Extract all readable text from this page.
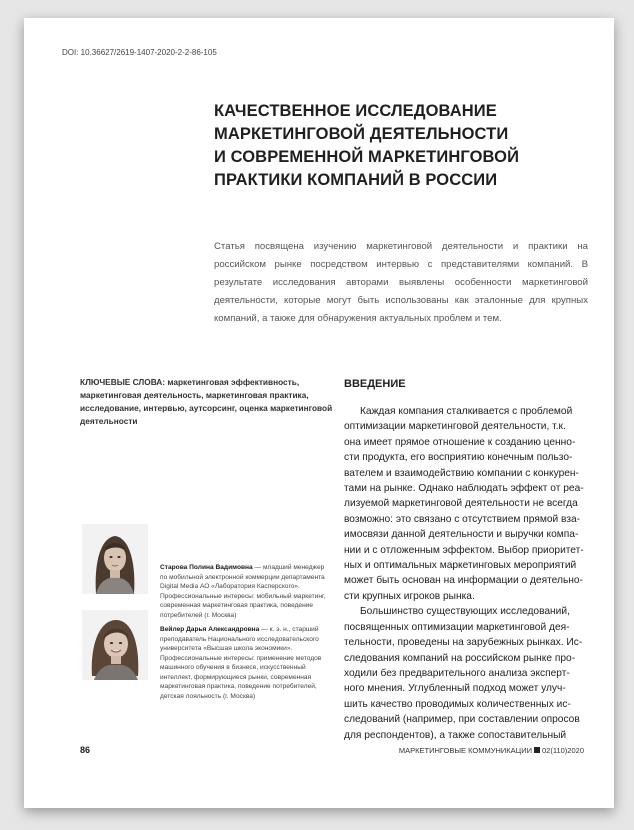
DOI: 10.36627/2619-1407-2020-2-2-86-105
КАЧЕСТВЕННОЕ ИССЛЕДОВАНИЕ
МАРКЕТИНГОВОЙ ДЕЯТЕЛЬНОСТИ
И СОВРЕМЕННОЙ МАРКЕТИНГОВОЙ
ПРАКТИКИ КОМПАНИЙ В РОССИИ
Статья посвящена изучению маркетинговой деятельности и практики на российском рынке посредством интервью с представителями компаний. В результате исследования авторами выявлены особенности маркетинговой деятельности, которые могут быть использованы как эталонные для крупных компаний, а также для обнаружения актуальных проблем и тем.
КЛЮЧЕВЫЕ СЛОВА: маркетинговая эффективность, маркетинговая деятельность, маркетинговая практика, исследование, интервью, аутсорсинг, оценка маркетинговой деятельности
ВВЕДЕНИЕ
Каждая компания сталкивается с проблемой
оптимизации маркетинговой деятельности, т.к.
она имеет прямое отношение к созданию ценно-
сти продукта, его восприятию конечным пользо-
вателем и взаимодействию компании с конкурен-
тами на рынке. Однако наблюдать эффект от реа-
лизуемой маркетинговой деятельности не всегда
возможно: это связано с отсутствием прямой вза-
имосвязи данной деятельности и выручки компа-
нии и с отложенным эффектом. Выбор приоритет-
ных и оптимальных маркетинговых мероприятий
может быть основан на информации о деятельно-
сти крупных игроков рынка.
Большинство существующих исследований,
посвященных оптимизации маркетинговой дея-
тельности, проведены на зарубежных рынках. Ис-
следования компаний на российском рынке про-
ходили без предварительного анализа эксперт-
ного мнения. Углубленный подход может улуч-
шить качество проводимых количественных ис-
следований (например, при составлении опросов
для респондентов), а также сопоставительный
Старова Полина Вадимовна — младший менеджер по мобильной электронной коммерции департамента Digital Media АО «Лаборатория Касперского». Профессиональные интересы: мобильный маркетинг, современная маркетинговая практика, поведение потребителей (г. Москва)
Вейлер Дарья Александровна — к. э. н., старший преподаватель Национального исследовательского университета «Высшая школа экономики». Профессиональные интересы: применение методов машинного обучения в бизнесе, искусственный интеллект, формирующиеся рынки, современная маркетинговая практика, поведение потребителей, детская лояльность (г. Москва)
86	МАРКЕТИНГОВЫЕ КОММУНИКАЦИИ 02(110)2020
